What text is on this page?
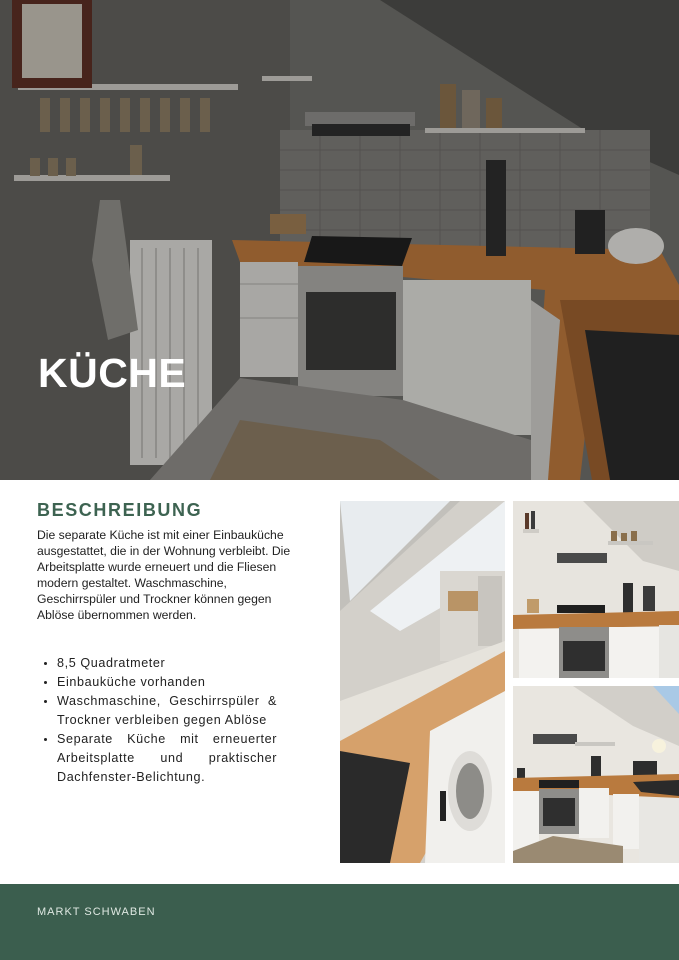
KÜCHE
BESCHREIBUNG

Die separate Küche ist mit einer Einbauküche ausgestattet, die in der Wohnung verbleibt. Die Arbeitsplatte wurde erneuert und die Fliesen modern gestaltet. Waschmaschine, Geschirrspüler und Trockner können gegen Ablöse übernommen werden.

• 8,5 Quadratmeter
• Einbauküche vorhanden
• Waschmaschine, Geschirrspüler & Trockner verbleiben gegen Ablöse
• Separate Küche mit erneuerter Arbeitsplatte und praktischer Dachfenster-Belichtung.

MARKT SCHWABEN
